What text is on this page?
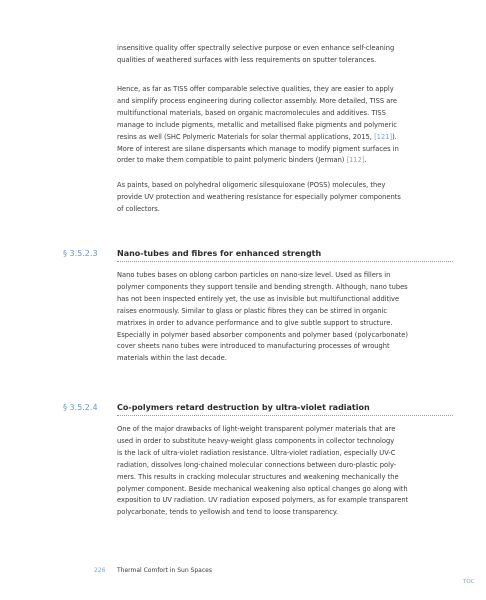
insensitive quality offer spectrally selective purpose or even enhance self-cleaning
qualities of weathered surfaces with less requirements on sputter tolerances.
Hence, as far as TISS offer comparable selective qualities, they are easier to apply
and simplify process engineering during collector assembly. More detailed, TISS are
multifunctional materials, based on organic macromolecules and additives. TISS
manage to include pigments, metallic and metallised flake pigments and polymeric
resins as well (SHC Polymeric Materials for solar thermal applications, 2015, [121]).
More of interest are silane dispersants which manage to modify pigment surfaces in
order to make them compatible to paint polymeric binders (Jerman) [112].
As paints, based on polyhedral oligomeric silesquioxane (POSS) molecules, they
provide UV protection and weathering resistance for especially polymer components
of collectors.
§ 3.5.2.3 Nano-tubes and fibres for enhanced strength
Nano tubes bases on oblong carbon particles on nano-size level. Used as fillers in
polymer components they support tensile and bending strength. Although, nano tubes
has not been inspected entirely yet, the use as invisible but multifunctional additive
raises enormously. Similar to glass or plastic fibres they can be stirred in organic
matrixes in order to advance performance and to give subtle support to structure.
Especially in polymer based absorber components and polymer based (polycarbonate)
cover sheets nano tubes were introduced to manufacturing processes of wrought
materials within the last decade.
§ 3.5.2.4 Co-polymers retard destruction by ultra-violet radiation
One of the major drawbacks of light-weight transparent polymer materials that are
used in order to substitute heavy-weight glass components in collector technology
is the lack of ultra-violet radiation resistance. Ultra-violet radiation, especially UV-C
radiation, dissolves long-chained molecular connections between duro-plastic poly-
mers. This results in cracking molecular structures and weakening mechanically the
polymer component. Beside mechanical weakening also optical changes go along with
exposition to UV radiation. UV radiation exposed polymers, as for example transparent
polycarbonate, tends to yellowish and tend to loose transparency.
226 Thermal Comfort in Sun Spaces
TOC
